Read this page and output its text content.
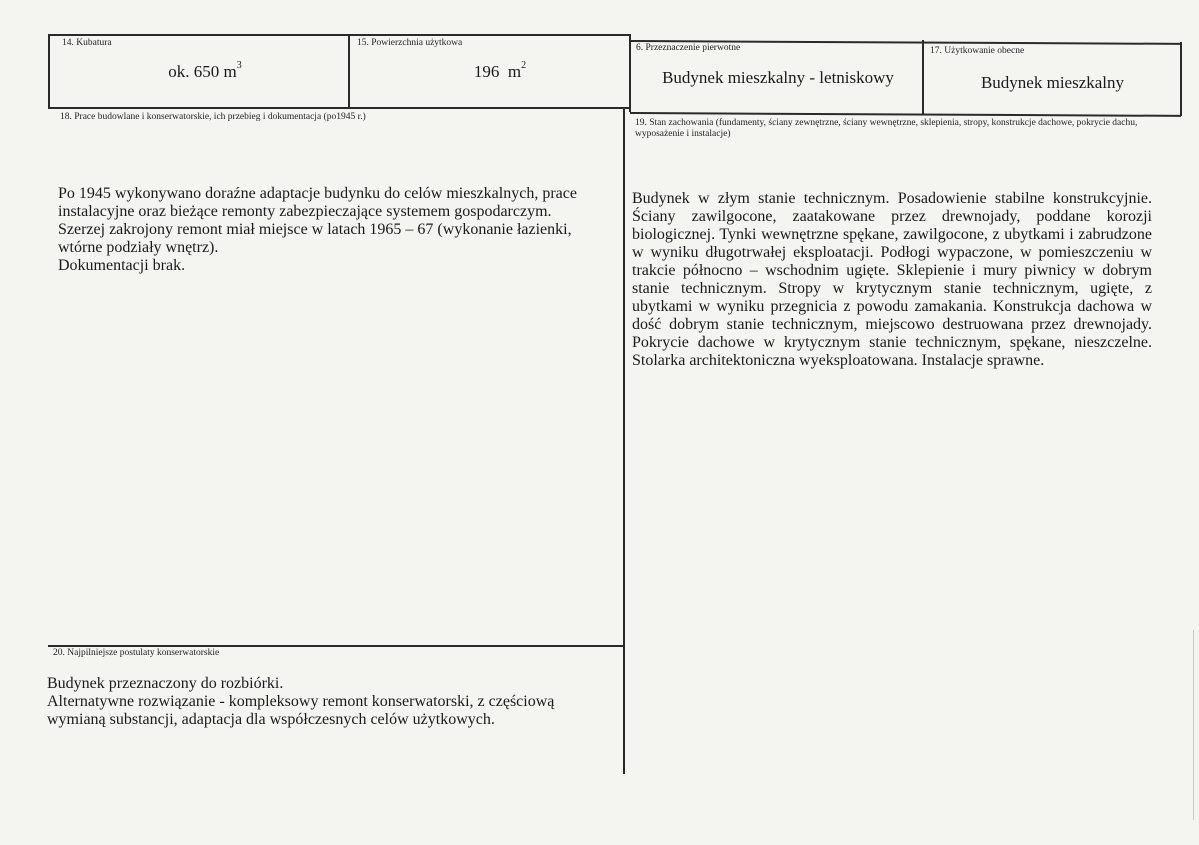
14. Kubatura
ok. 650 $m^3$
15. Powierzchnia użytkowa
196  $m^2$
6. Przeznaczenie pierwotne
Budynek mieszkalny - letniskowy
17. Użytkowanie obecne
Budynek mieszkalny
18. Prace budowlane i konserwatorskie, ich przebieg i dokumentacja (po1945 r.)

Po 1945 wykonywano doraźne adaptacje budynku do celów mieszkalnych, prace instalacyjne oraz bieżące remonty zabezpieczające systemem gospodarczym.

Szerzej zakrojony remont miał miejsce w latach 1965 – 67 (wykonanie łazienki, wtórne podziały wnętrz).

Dokumentacji brak.

19. Stan zachowania (fundamenty, ściany zewnętrzne, ściany wewnętrzne, sklepienia, stropy, konstrukcje dachowe, pokrycie dachu, wyposażenie i instalacje)
Budynek w złym stanie technicznym. Posadowienie stabilne konstrukcyjnie. Ściany zawilgocone, zaatakowane przez drewnojady, poddane korozji biologicznej. Tynki wewnętrzne spękane, zawilgocone, z ubytkami i zabrudzone w wyniku długotrwałej eksploatacji. Podłogi wypaczone, w pomieszczeniu w trakcie północno – wschodnim ugięte. Sklepienie i mury piwnicy w dobrym stanie technicznym. Stropy w krytycznym stanie technicznym, ugięte, z ubytkami w wyniku przegnicia z powodu zamakania. Konstrukcja dachowa w dość dobrym stanie technicznym, miejscowo destruowana przez drewnojady. Pokrycie dachowe w krytycznym stanie technicznym, spękane, nieszczelne. Stolarka architektoniczna wyeksploatowana. Instalacje sprawne.
20. Najpilniejsze postulaty konserwatorskie

Budynek przeznaczony do rozbiórki.

Alternatywne rozwiązanie - kompleksowy remont konserwatorski, z częściową wymianą substancji, adaptacja dla współczesnych celów użytkowych.
